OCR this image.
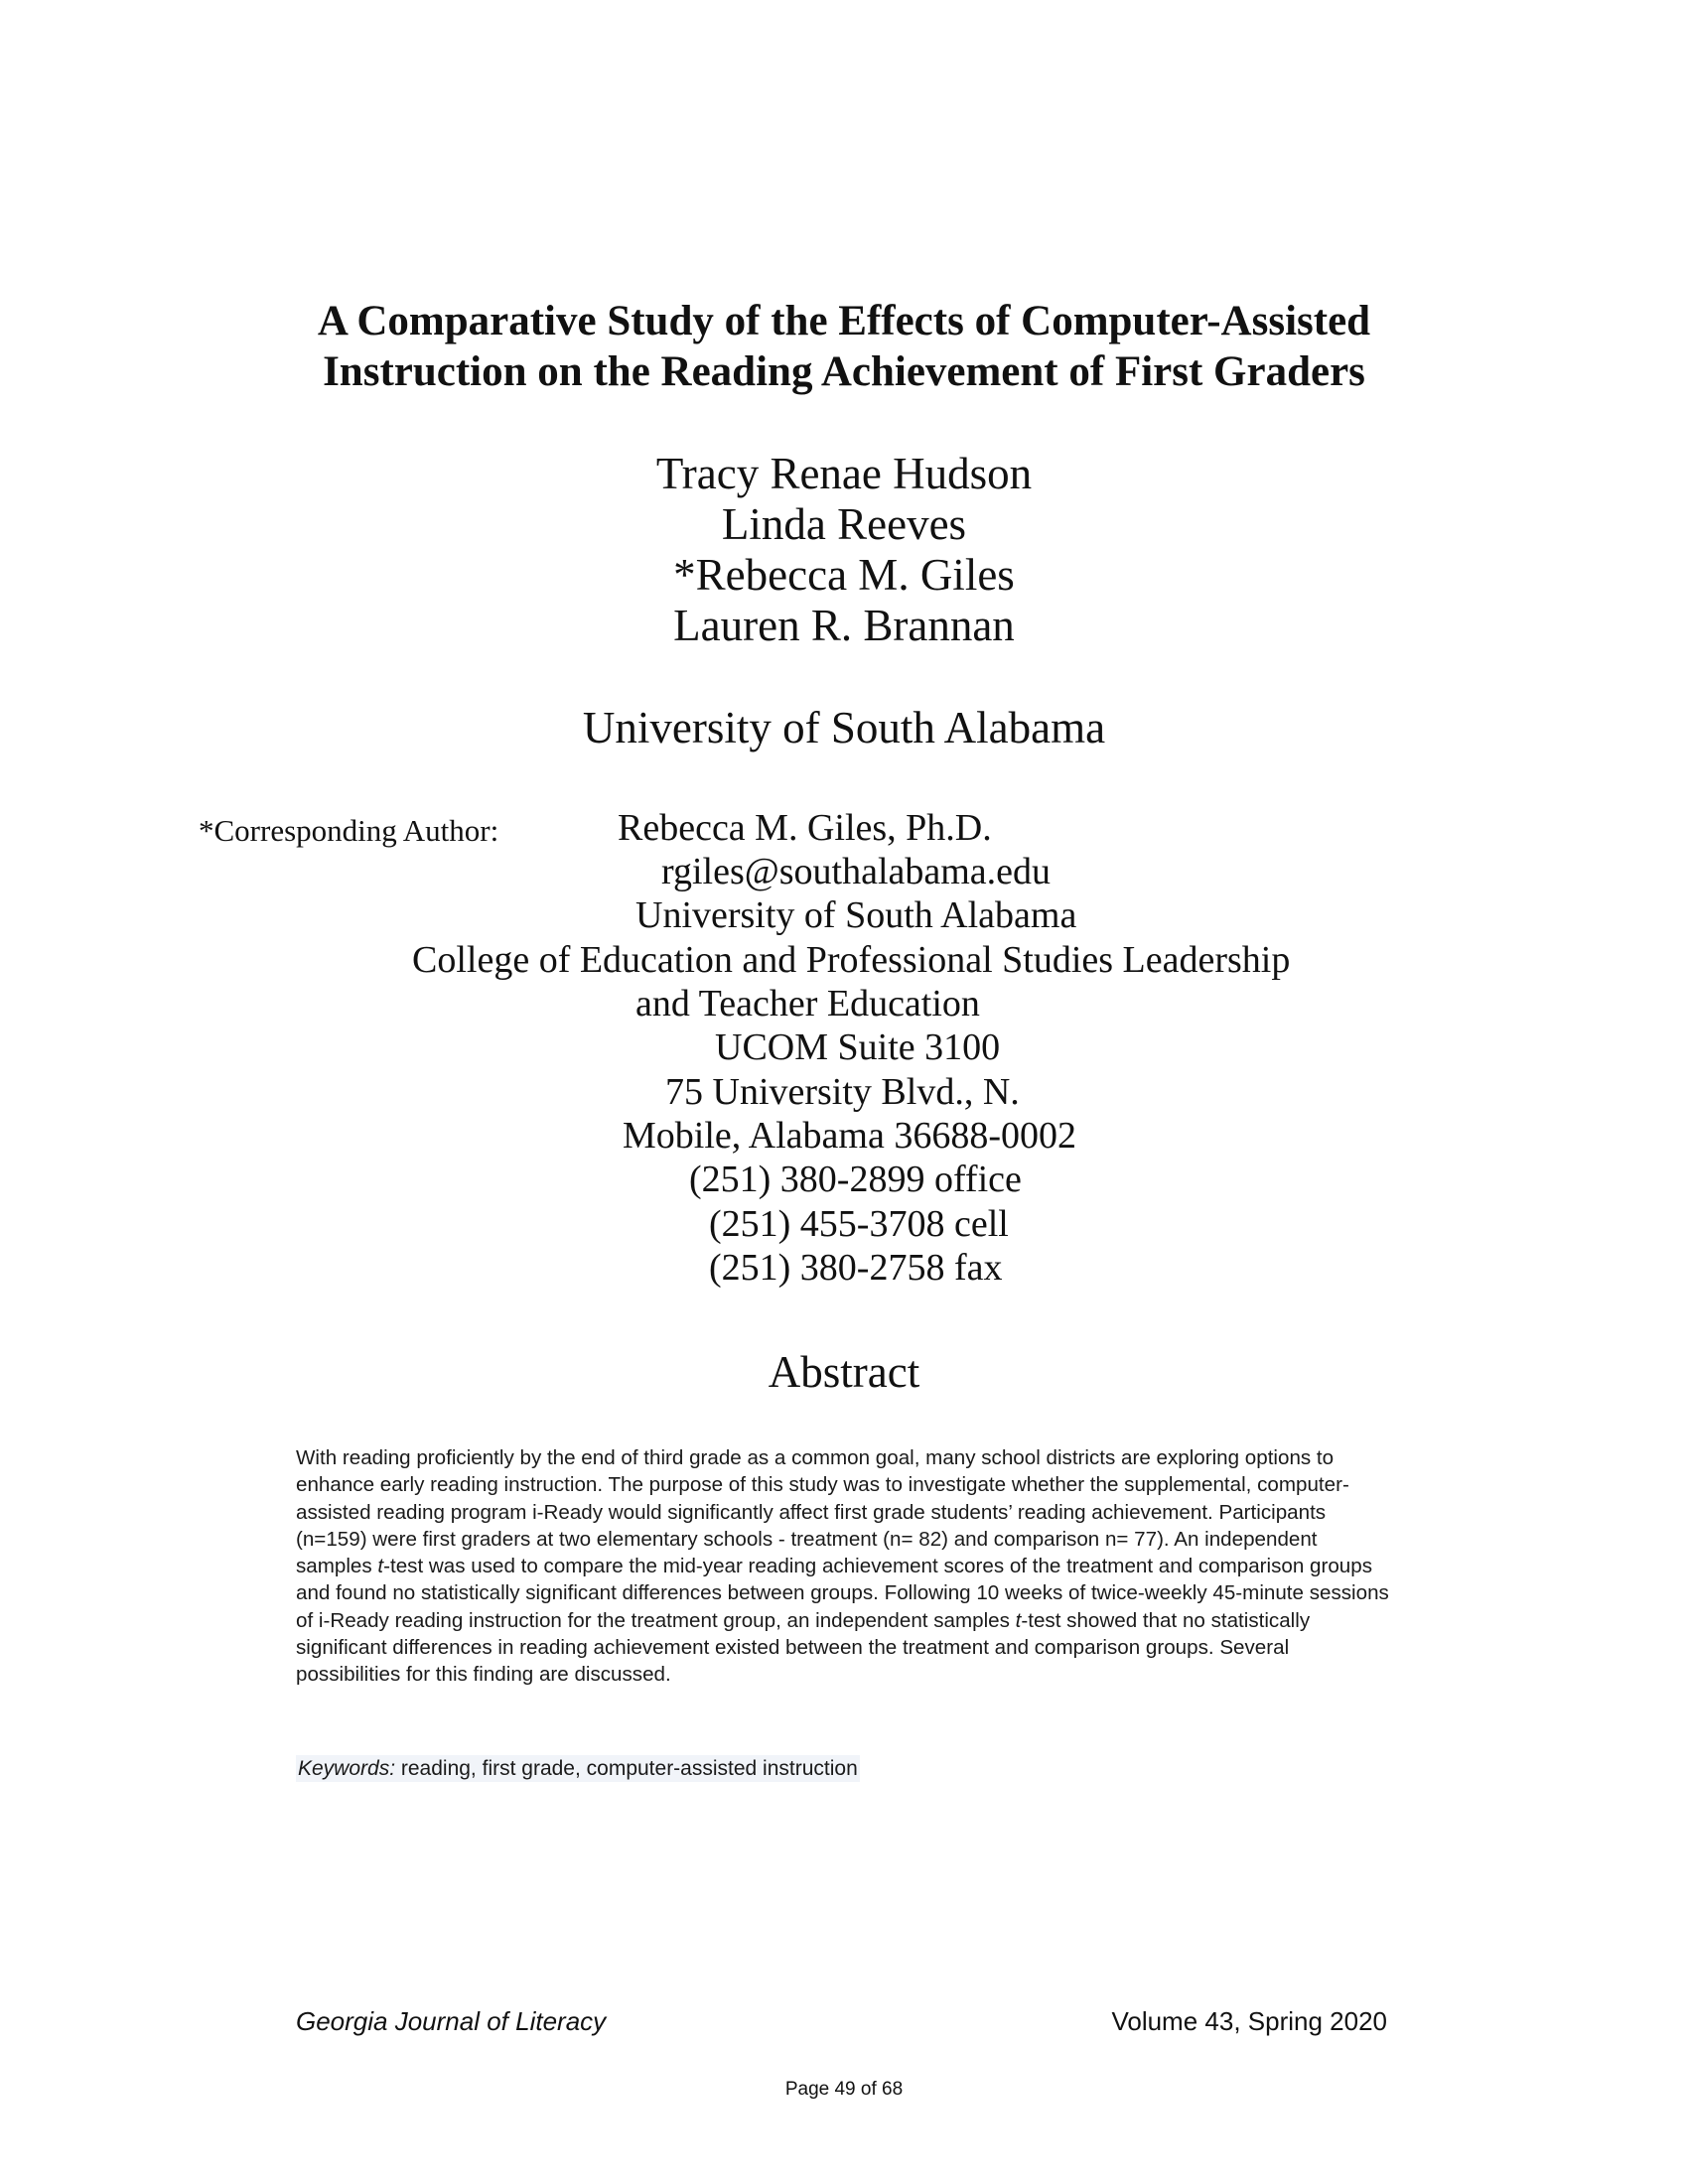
A Comparative Study of the Effects of Computer-Assisted
Instruction on the Reading Achievement of First Graders
Tracy Renae Hudson
Linda Reeves
*Rebecca M. Giles
Lauren R. Brannan
University of South Alabama
*Corresponding Author:	Rebecca M. Giles, Ph.D.
rgiles@southalabama.edu
University of South Alabama
College of Education and Professional Studies Leadership
and Teacher Education
UCOM Suite 3100
75 University Blvd., N.
Mobile, Alabama 36688-0002
(251) 380-2899 office
(251) 455-3708 cell
(251) 380-2758 fax
Abstract
With reading proficiently by the end of third grade as a common goal, many school districts are exploring options to enhance early reading instruction. The purpose of this study was to investigate whether the supplemental, computer-assisted reading program i-Ready would significantly affect first grade students’ reading achievement. Participants (n=159) were first graders at two elementary schools - treatment (n= 82) and comparison n= 77). An independent samples t-test was used to compare the mid-year reading achievement scores of the treatment and comparison groups and found no statistically significant differences between groups. Following 10 weeks of twice-weekly 45-minute sessions of i-Ready reading instruction for the treatment group, an independent samples t-test showed that no statistically significant differences in reading achievement existed between the treatment and comparison groups. Several possibilities for this finding are discussed.
Keywords: reading, first grade, computer-assisted instruction
Georgia Journal of Literacy	Volume 43, Spring 2020
Page 49 of 68
